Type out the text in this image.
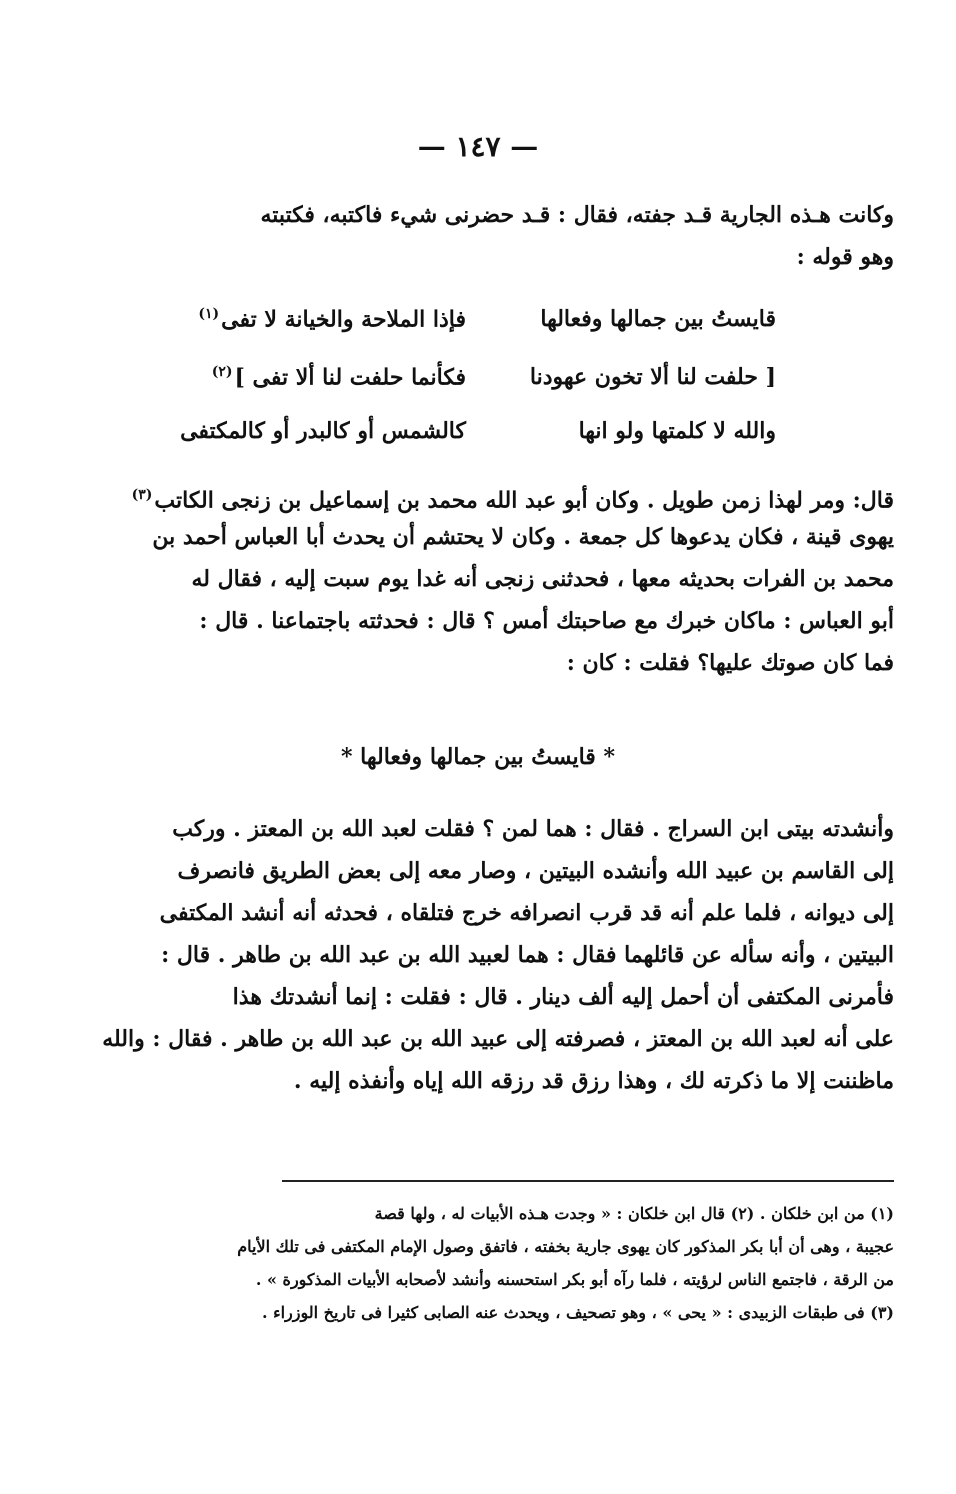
— ١٤٧ —
وكانت هـذه الجارية قـد جفته، فقال : قـد حضرنى شيء فاكتبه، فكتبته
وهو قوله :
قايستُ بين جمالها وفعالها
فإذا الملاحة والخيانة لا تفى$^{(١)}$
[ حلفت لنا ألا تخون عهودنا
فكأنما حلفت لنا ألا تفى ]$^{(٢)}$
والله لا كلمتها ولو انها
كالشمس أو كالبدر أو كالمكتفى
قال: ومر لهذا زمن طويل . وكان أبو عبد الله محمد بن إسماعيل بن زنجى الكاتب$^{(٣)}$
يهوى قينة ، فكان يدعوها كل جمعة . وكان لا يحتشم أن يحدث أبا العباس أحمد بن
محمد بن الفرات بحديثه معها ، فحدثنى زنجى أنه غدا يوم سبت إليه ، فقال له
أبو العباس : ماكان خبرك مع صاحبتك أمس ؟ قال : فحدثته باجتماعنا . قال :
فما كان صوتك عليها؟ فقلت : كان :
* قايستُ بين جمالها وفعالها *
وأنشدته بيتى ابن السراج . فقال : هما لمن ؟ فقلت لعبد الله بن المعتز . وركب
إلى القاسم بن عبيد الله وأنشده البيتين ، وصار معه إلى بعض الطريق فانصرف
إلى ديوانه ، فلما علم أنه قد قرب انصرافه خرج فتلقاه ، فحدثه أنه أنشد المكتفى
البيتين ، وأنه سأله عن قائلهما فقال : هما لعبيد الله بن عبد الله بن طاهر . قال :
فأمرنى المكتفى أن أحمل إليه ألف دينار . قال : فقلت : إنما أنشدتك هذا
على أنه لعبد الله بن المعتز ، فصرفته إلى عبيد الله بن عبد الله بن طاهر . فقال : والله
ماظننت إلا ما ذكرته لك ، وهذا رزق قد رزقه الله إياه وأنفذه إليه .
(١) من ابن خلكان . (٢) قال ابن خلكان : « وجدت هـذه الأبيات له ، ولها قصة
عجيبة ، وهى أن أبا بكر المذكور كان يهوى جارية بخفته ، فاتفق وصول الإمام المكتفى فى تلك الأيام
من الرقة ، فاجتمع الناس لرؤيته ، فلما رآه أبو بكر استحسنه وأنشد لأصحابه الأبيات المذكورة » .
(٣) فى طبقات الزبيدى : « يحى » ، وهو تصحيف ، ويحدث عنه الصابى كثيرا فى تاريخ الوزراء .
